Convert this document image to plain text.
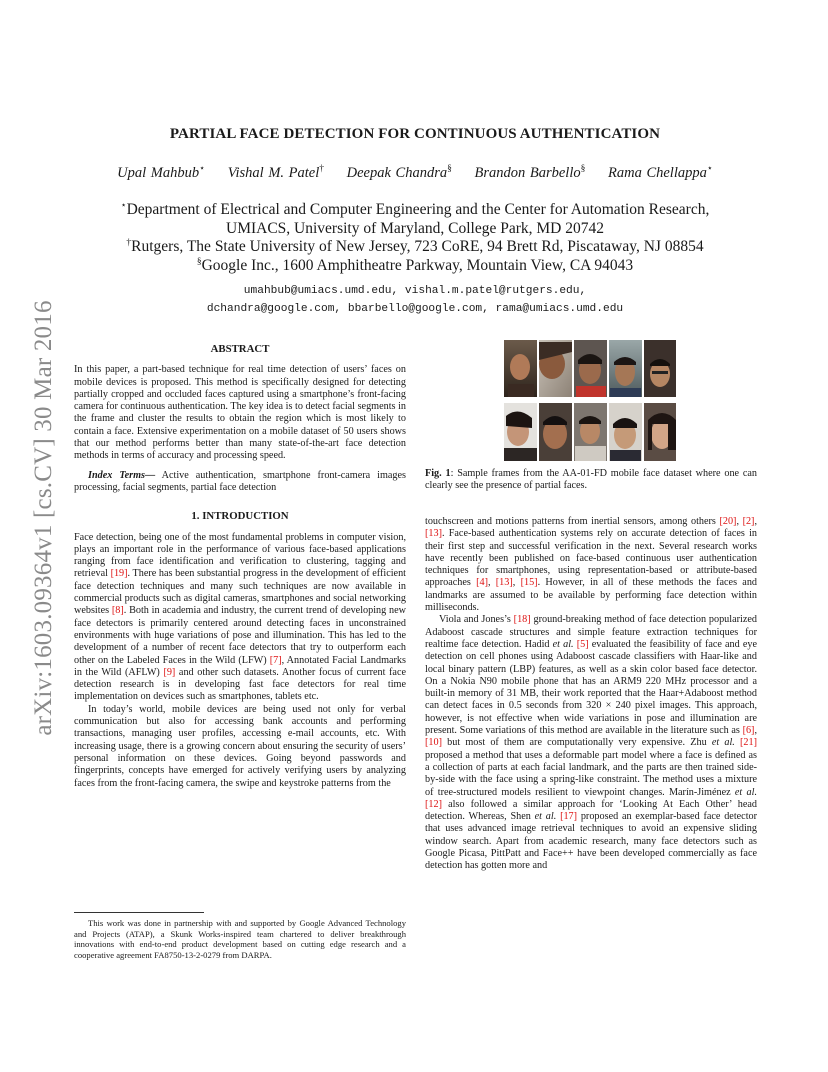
arXiv:1603.09364v1 [cs.CV] 30 Mar 2016
PARTIAL FACE DETECTION FOR CONTINUOUS AUTHENTICATION
Upal Mahbub⋆ Vishal M. Patel† Deepak Chandra§ Brandon Barbello§ Rama Chellappa⋆
⋆Department of Electrical and Computer Engineering and the Center for Automation Research,
UMIACS, University of Maryland, College Park, MD 20742
†Rutgers, The State University of New Jersey, 723 CoRE, 94 Brett Rd, Piscataway, NJ 08854
§Google Inc., 1600 Amphitheatre Parkway, Mountain View, CA 94043
umahbub@umiacs.umd.edu, vishal.m.patel@rutgers.edu,
dchandra@google.com, bbarbello@google.com, rama@umiacs.umd.edu
ABSTRACT

In this paper, a part-based technique for real time detection of users’ faces on mobile devices is proposed. This method is specifically designed for detecting partially cropped and occluded faces captured using a smartphone’s front-facing camera for continuous authentication. The key idea is to detect facial segments in the frame and cluster the results to obtain the region which is most likely to contain a face. Extensive experimentation on a mobile dataset of 50 users shows that our method performs better than many state-of-the-art face detection methods in terms of accuracy and processing speed.

Index Terms— Active authentication, smartphone front-camera images processing, facial segments, partial face detection

1. INTRODUCTION

Face detection, being one of the most fundamental problems in computer vision, plays an important role in the performance of various face-based applications ranging from face identification and verification to clustering, tagging and retrieval [19]. There has been substantial progress in the development of efficient face detection techniques and many such techniques are now available in commercial products such as digital cameras, smartphones and social networking websites [8]. Both in academia and industry, the current trend of developing new face detectors is primarily centered around detecting faces in unconstrained environments with huge variations of pose and illumination. This has led to the development of a number of recent face detectors that try to outperform each other on the Labeled Faces in the Wild (LFW) [7], Annotated Facial Landmarks in the Wild (AFLW) [9] and other such datasets. Another focus of current face detection research is in developing fast face detectors for real time implementation on devices such as smartphones, tablets etc.

In today’s world, mobile devices are being used not only for verbal communication but also for accessing bank accounts and performing transactions, managing user profiles, accessing e-mail accounts, etc. With increasing usage, there is a growing concern about ensuring the security of users’ personal information on these devices. Going beyond passwords and fingerprints, concepts have emerged for actively verifying users by analyzing faces from the front-facing camera, the swipe and keystroke patterns from the

This work was done in partnership with and supported by Google Advanced Technology and Projects (ATAP), a Skunk Works-inspired team chartered to deliver breakthrough innovations with end-to-end product development based on cutting edge research and a cooperative agreement FA8750-13-2-0279 from DARPA.
Fig. 1: Sample frames from the AA-01-FD mobile face dataset where one can clearly see the presence of partial faces.

touchscreen and motions patterns from inertial sensors, among others [20], [2], [13]. Face-based authentication systems rely on accurate detection of faces in their first step and successful verification in the next. Several research works have recently been published on face-based continuous user authentication techniques for smartphones, using representation-based or attribute-based approaches [4], [13], [15]. However, in all of these methods the faces and landmarks are assumed to be available by performing face detection within milliseconds.

Viola and Jones’s [18] ground-breaking method of face detection popularized Adaboost cascade structures and simple feature extraction techniques for realtime face detection. Hadid et al. [5] evaluated the feasibility of face and eye detection on cell phones using Adaboost cascade classifiers with Haar-like and local binary pattern (LBP) features, as well as a skin color based face detector. On a Nokia N90 mobile phone that has an ARM9 220 MHz processor and a built-in memory of 31 MB, their work reported that the Haar+Adaboost method can detect faces in 0.5 seconds from 320 × 240 pixel images. This approach, however, is not effective when wide variations in pose and illumination are present. Some variations of this method are available in the literature such as [6], [10] but most of them are computationally very expensive. Zhu et al. [21] proposed a method that uses a deformable part model where a face is defined as a collection of parts at each facial landmark, and the parts are then trained side-by-side with the face using a spring-like constraint. The method uses a mixture of tree-structured models resilient to viewpoint changes. Marín-Jiménez et al. [12] also followed a similar approach for ‘Looking At Each Other’ head detection. Whereas, Shen et al. [17] proposed an exemplar-based face detector that uses advanced image retrieval techniques to avoid an expensive sliding window search. Apart from academic research, many face detectors such as Google Picasa, PittPatt and Face++ have been developed commercially as face detection has gotten more and
